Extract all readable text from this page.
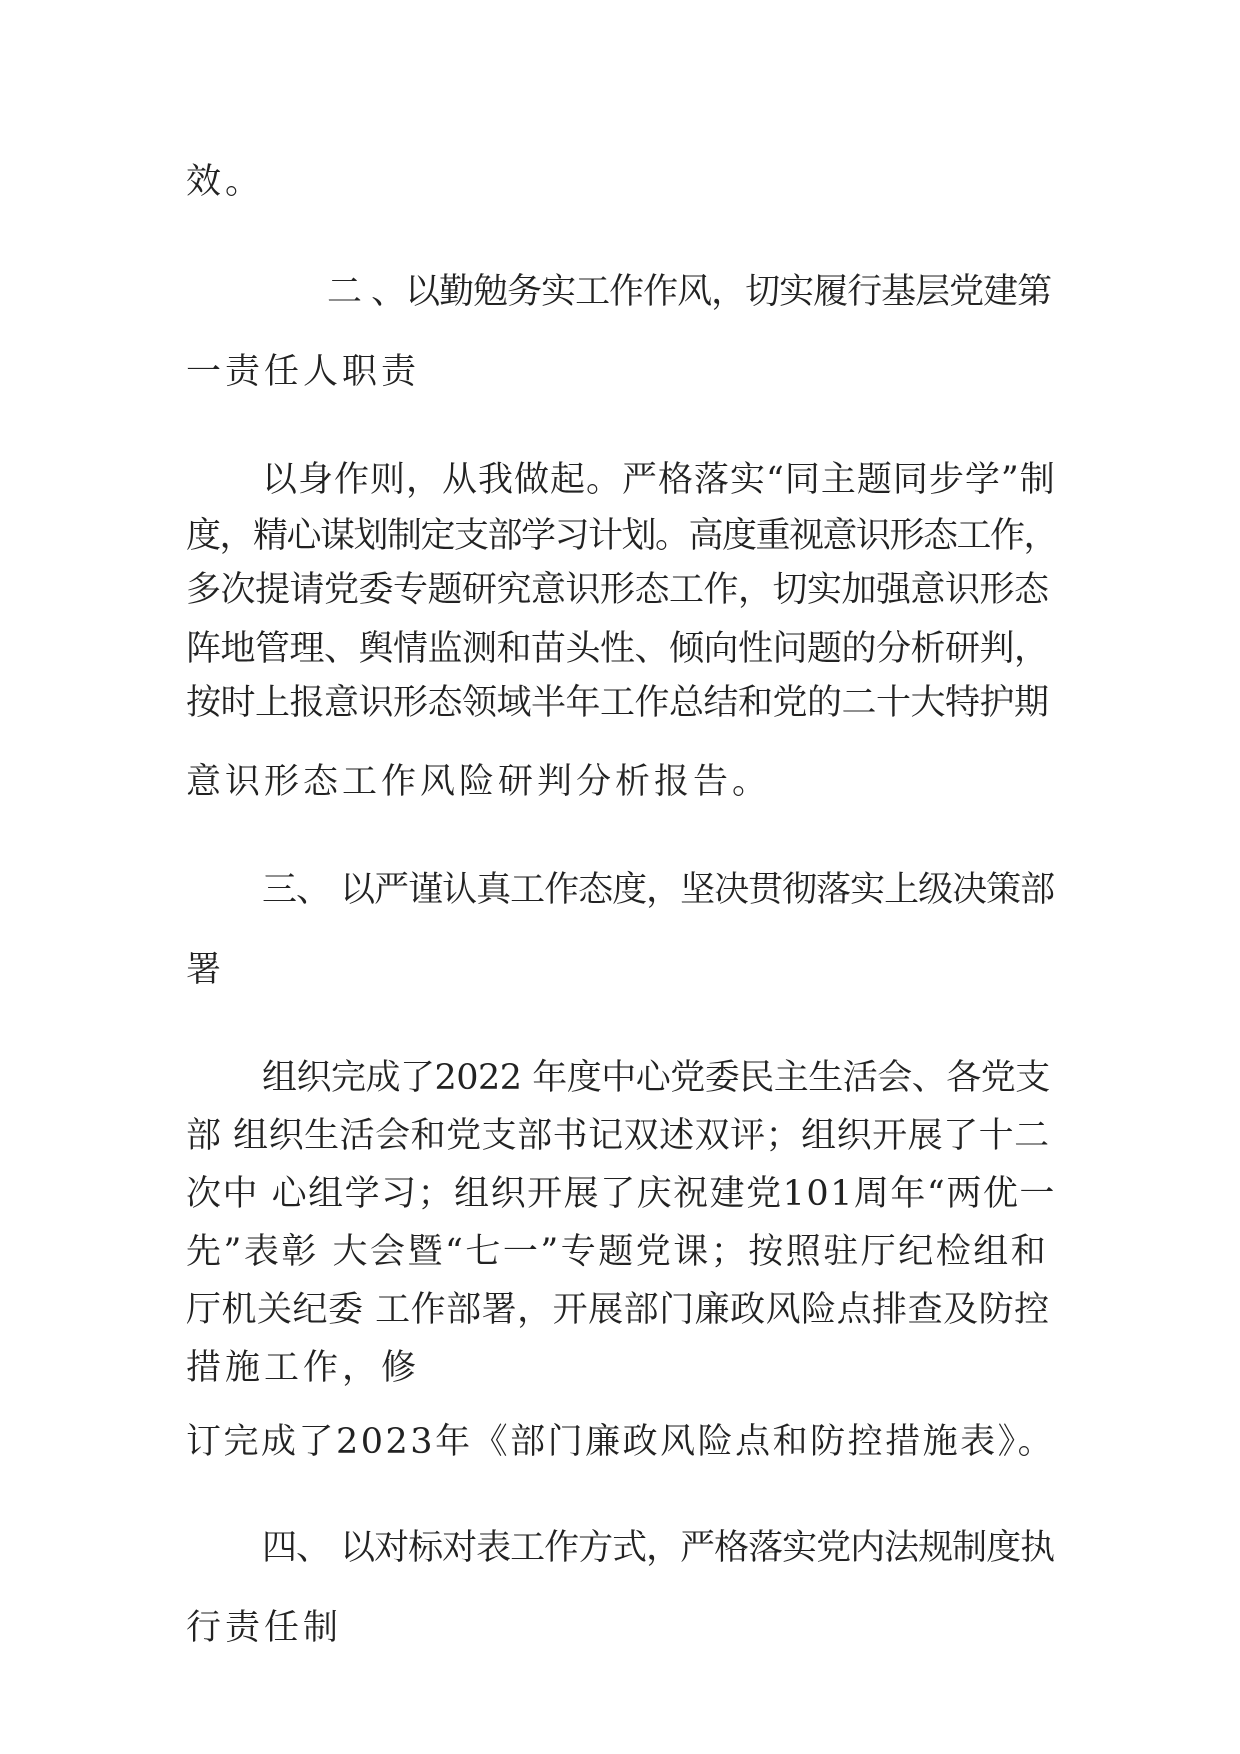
效。
二 、以勤勉务实工作作风，切实履行基层党建第
一责任人职责
以身作则，从我做起。严格落实“同主题同步学”制
度，精心谋划制定支部学习计划。高度重视意识形态工作，
多次提请党委专题研究意识形态工作，切实加强意识形态
阵地管理、舆情监测和苗头性、倾向性问题的分析研判，
按时上报意识形态领域半年工作总结和党的二十大特护期
意识形态工作风险研判分析报告。
三、 以严谨认真工作态度，坚决贯彻落实上级决策部
署
组织完成了2022 年度中心党委民主生活会、各党支
部 组织生活会和党支部书记双述双评；组织开展了十二
次中 心组学习；组织开展了庆祝建党101周年“两优一
先”表彰 大会暨“七一”专题党课；按照驻厅纪检组和
厅机关纪委 工作部署，开展部门廉政风险点排查及防控
措施工作，修
订完成了2023年《部门廉政风险点和防控措施表》。
四、 以对标对表工作方式，严格落实党内法规制度执
行责任制
